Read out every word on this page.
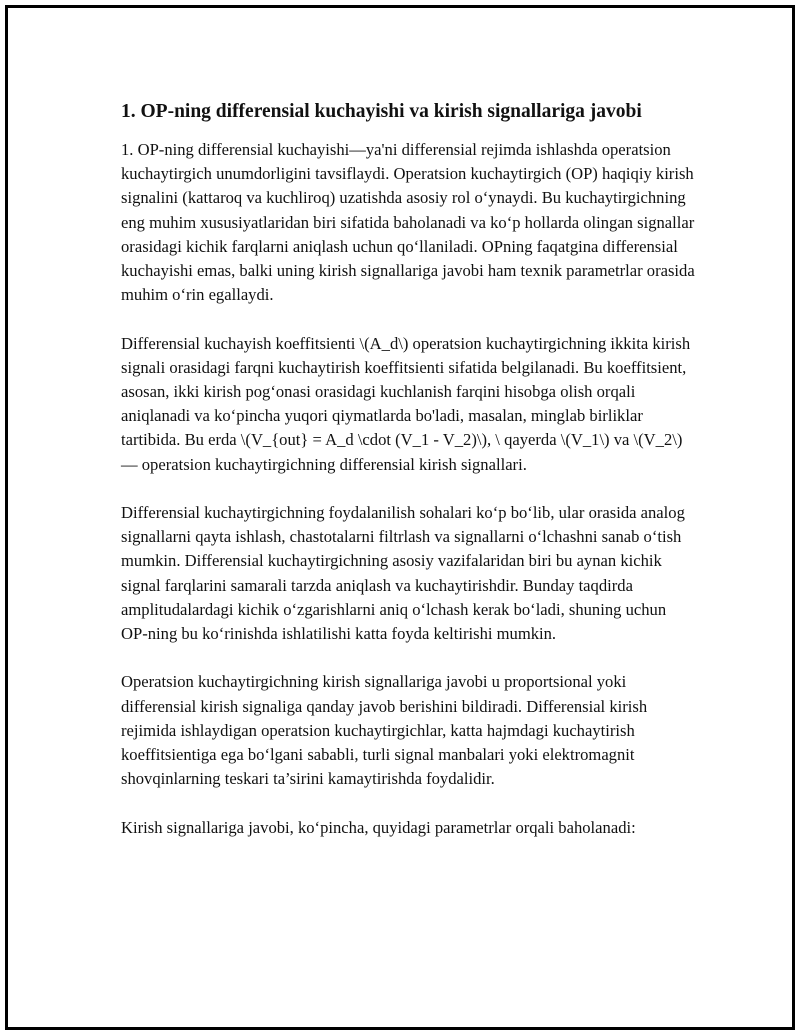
1. OP-ning differensial kuchayishi va kirish signallariga javobi

1. OP-ning differensial kuchayishi—ya'ni differensial rejimda ishlashda operatsion kuchaytirgich unumdorligini tavsiflaydi. Operatsion kuchaytirgich (OP) haqiqiy kirish signalini (kattaroq va kuchliroq) uzatishda asosiy rol o‘ynaydi. Bu kuchaytirgichning eng muhim xususiyatlaridan biri sifatida baholanadi va ko‘p hollarda olingan signallar orasidagi kichik farqlarni aniqlash uchun qo‘llaniladi. OPning faqatgina differensial kuchayishi emas, balki uning kirish signallariga javobi ham texnik parametrlar orasida muhim o‘rin egallaydi.

Differensial kuchayish koeffitsienti \(A_d\) operatsion kuchaytirgichning ikkita kirish signali orasidagi farqni kuchaytirish koeffitsienti sifatida belgilanadi. Bu koeffitsient, asosan, ikki kirish pog‘onasi orasidagi kuchlanish farqini hisobga olish orqali aniqlanadi va ko‘pincha yuqori qiymatlarda bo'ladi, masalan, minglab birliklar tartibida. Bu erda \(V_{out} = A_d \cdot (V_1 - V_2)\), \ qayerda \(V_1\) va \(V_2\) — operatsion kuchaytirgichning differensial kirish signallari.

Differensial kuchaytirgichning foydalanilish sohalari ko‘p bo‘lib, ular orasida analog signallarni qayta ishlash, chastotalarni filtrlash va signallarni o‘lchashni sanab o‘tish mumkin. Differensial kuchaytirgichning asosiy vazifalaridan biri bu aynan kichik signal farqlarini samarali tarzda aniqlash va kuchaytirishdir. Bunday taqdirda amplitudalardagi kichik o‘zgarishlarni aniq o‘lchash kerak bo‘ladi, shuning uchun OP-ning bu ko‘rinishda ishlatilishi katta foyda keltirishi mumkin.

Operatsion kuchaytirgichning kirish signallariga javobi u proportsional yoki differensial kirish signaliga qanday javob berishini bildiradi. Differensial kirish rejimida ishlaydigan operatsion kuchaytirgichlar, katta hajmdagi kuchaytirish koeffitsientiga ega bo‘lgani sababli, turli signal manbalari yoki elektromagnit shovqinlarning teskari ta’sirini kamaytirishda foydalidir.

Kirish signallariga javobi, ko‘pincha, quyidagi parametrlar orqali baholanadi:
